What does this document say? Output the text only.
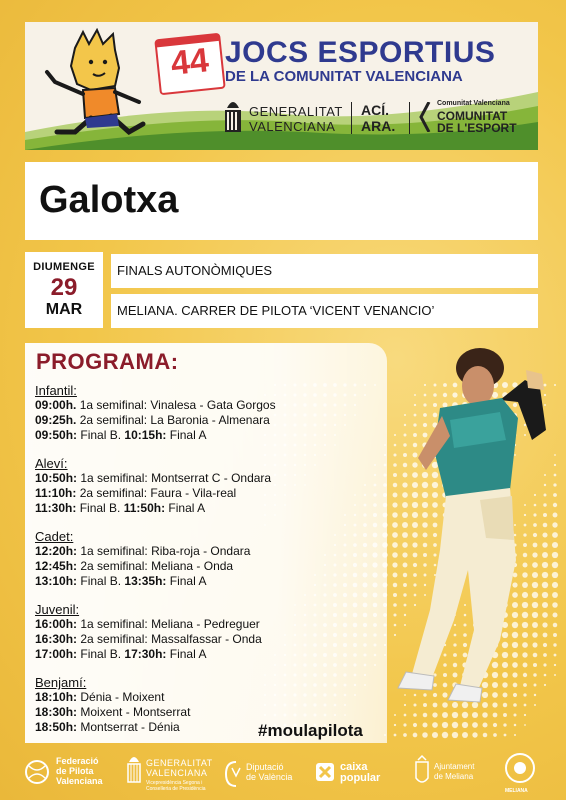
44 JOCS ESPORTIUS
DE LA COMUNITAT VALENCIANA
GENERALITAT
VALENCIANA
ACÍ.
ARA.
Comunitat Valenciana
COMUNITAT
DE L'ESPORT
Galotxa
DIUMENGE
29
MAR
FINALS AUTONÒMIQUES
MELIANA. CARRER DE PILOTA ‘VICENT VENANCIO’
PROGRAMA:
Infantil:
09:00h. 1a semifinal: Vinalesa - Gata Gorgos
09:25h. 2a semifinal: La Baronia - Almenara
09:50h: Final B. 10:15h: Final A
Aleví:
10:50h: 1a semifinal: Montserrat C - Ondara
11:10h: 2a semifinal: Faura - Vila-real
11:30h: Final B. 11:50h: Final A
Cadet:
12:20h: 1a semifinal: Riba-roja - Ondara
12:45h: 2a semifinal: Meliana - Onda
13:10h: Final B. 13:35h: Final A
Juvenil:
16:00h: 1a semifinal: Meliana - Pedreguer
16:30h: 2a semifinal: Massalfassar - Onda
17:00h: Final B. 17:30h: Final A
Benjamí:
18:10h: Dénia - Moixent
18:30h: Moixent - Montserrat
18:50h: Montserrat - Dénia	#moulapilota
Federació
de Pilota
Valenciana
GENERALITAT
VALENCIANA
Vicepresidència Segona i
Conselleria de Presidència
Diputació
de València
caixa
popular
Ajuntament
de Meliana
MELIANA
